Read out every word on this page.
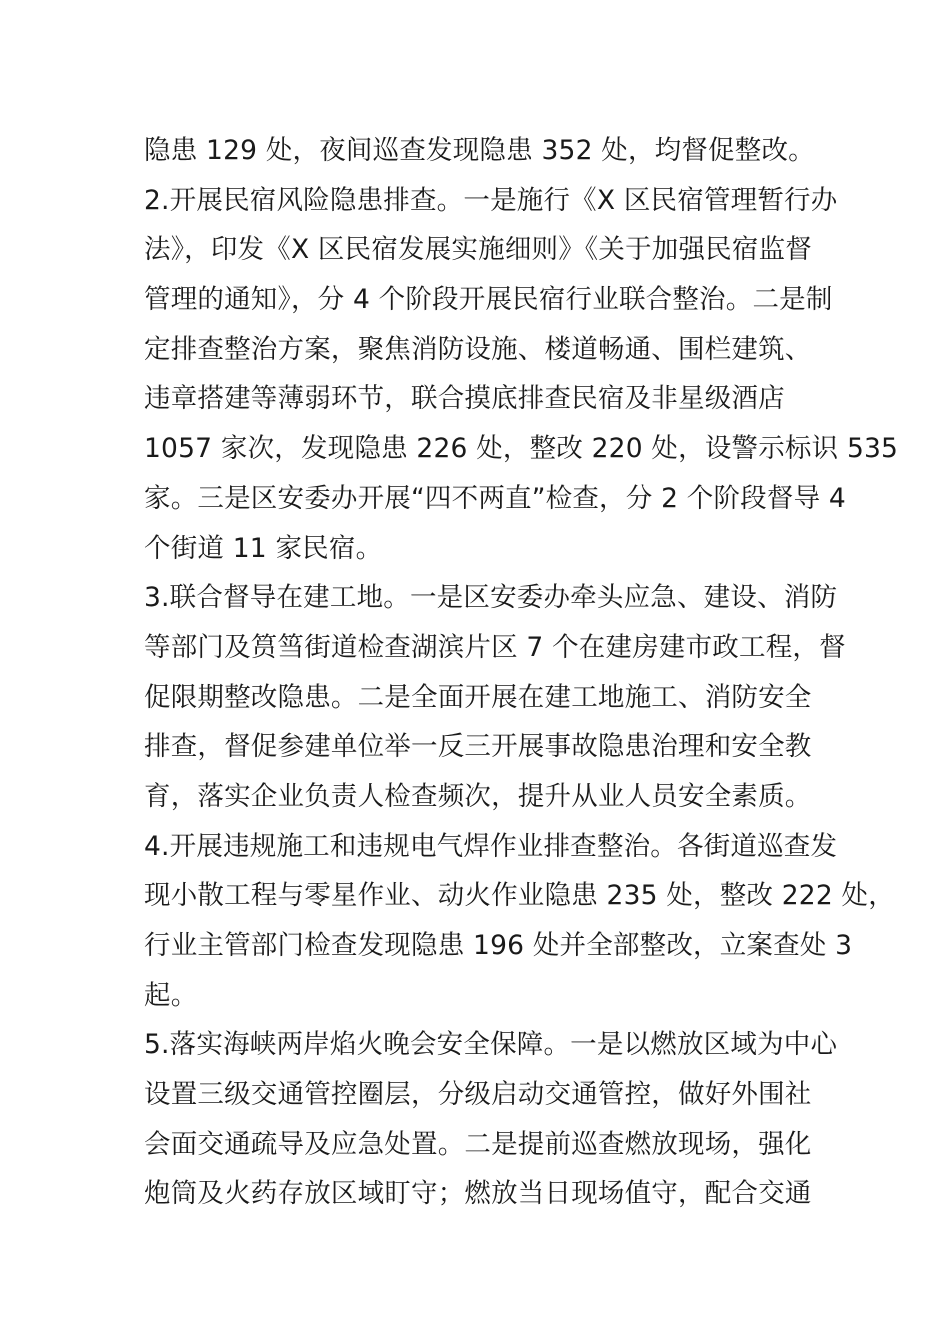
隐患 129 处，夜间巡查发现隐患 352 处，均督促整改。
2.开展民宿风险隐患排查。一是施行《X 区民宿管理暂行办
法》，印发《X 区民宿发展实施细则》《关于加强民宿监督
管理的通知》，分 4 个阶段开展民宿行业联合整治。二是制
定排查整治方案，聚焦消防设施、楼道畅通、围栏建筑、
违章搭建等薄弱环节，联合摸底排查民宿及非星级酒店
1057 家次，发现隐患 226 处，整改 220 处，设警示标识 535
家。三是区安委办开展“四不两直”检查，分 2 个阶段督导 4
个街道 11 家民宿。
3.联合督导在建工地。一是区安委办牵头应急、建设、消防
等部门及筼筜街道检查湖滨片区 7 个在建房建市政工程，督
促限期整改隐患。二是全面开展在建工地施工、消防安全
排查，督促参建单位举一反三开展事故隐患治理和安全教
育，落实企业负责人检查频次，提升从业人员安全素质。
4.开展违规施工和违规电气焊作业排查整治。各街道巡查发
现小散工程与零星作业、动火作业隐患 235 处，整改 222 处，
行业主管部门检查发现隐患 196 处并全部整改，立案查处 3
起。
5.落实海峡两岸焰火晚会安全保障。一是以燃放区域为中心
设置三级交通管控圈层，分级启动交通管控，做好外围社
会面交通疏导及应急处置。二是提前巡查燃放现场，强化
炮筒及火药存放区域盯守；燃放当日现场值守，配合交通
